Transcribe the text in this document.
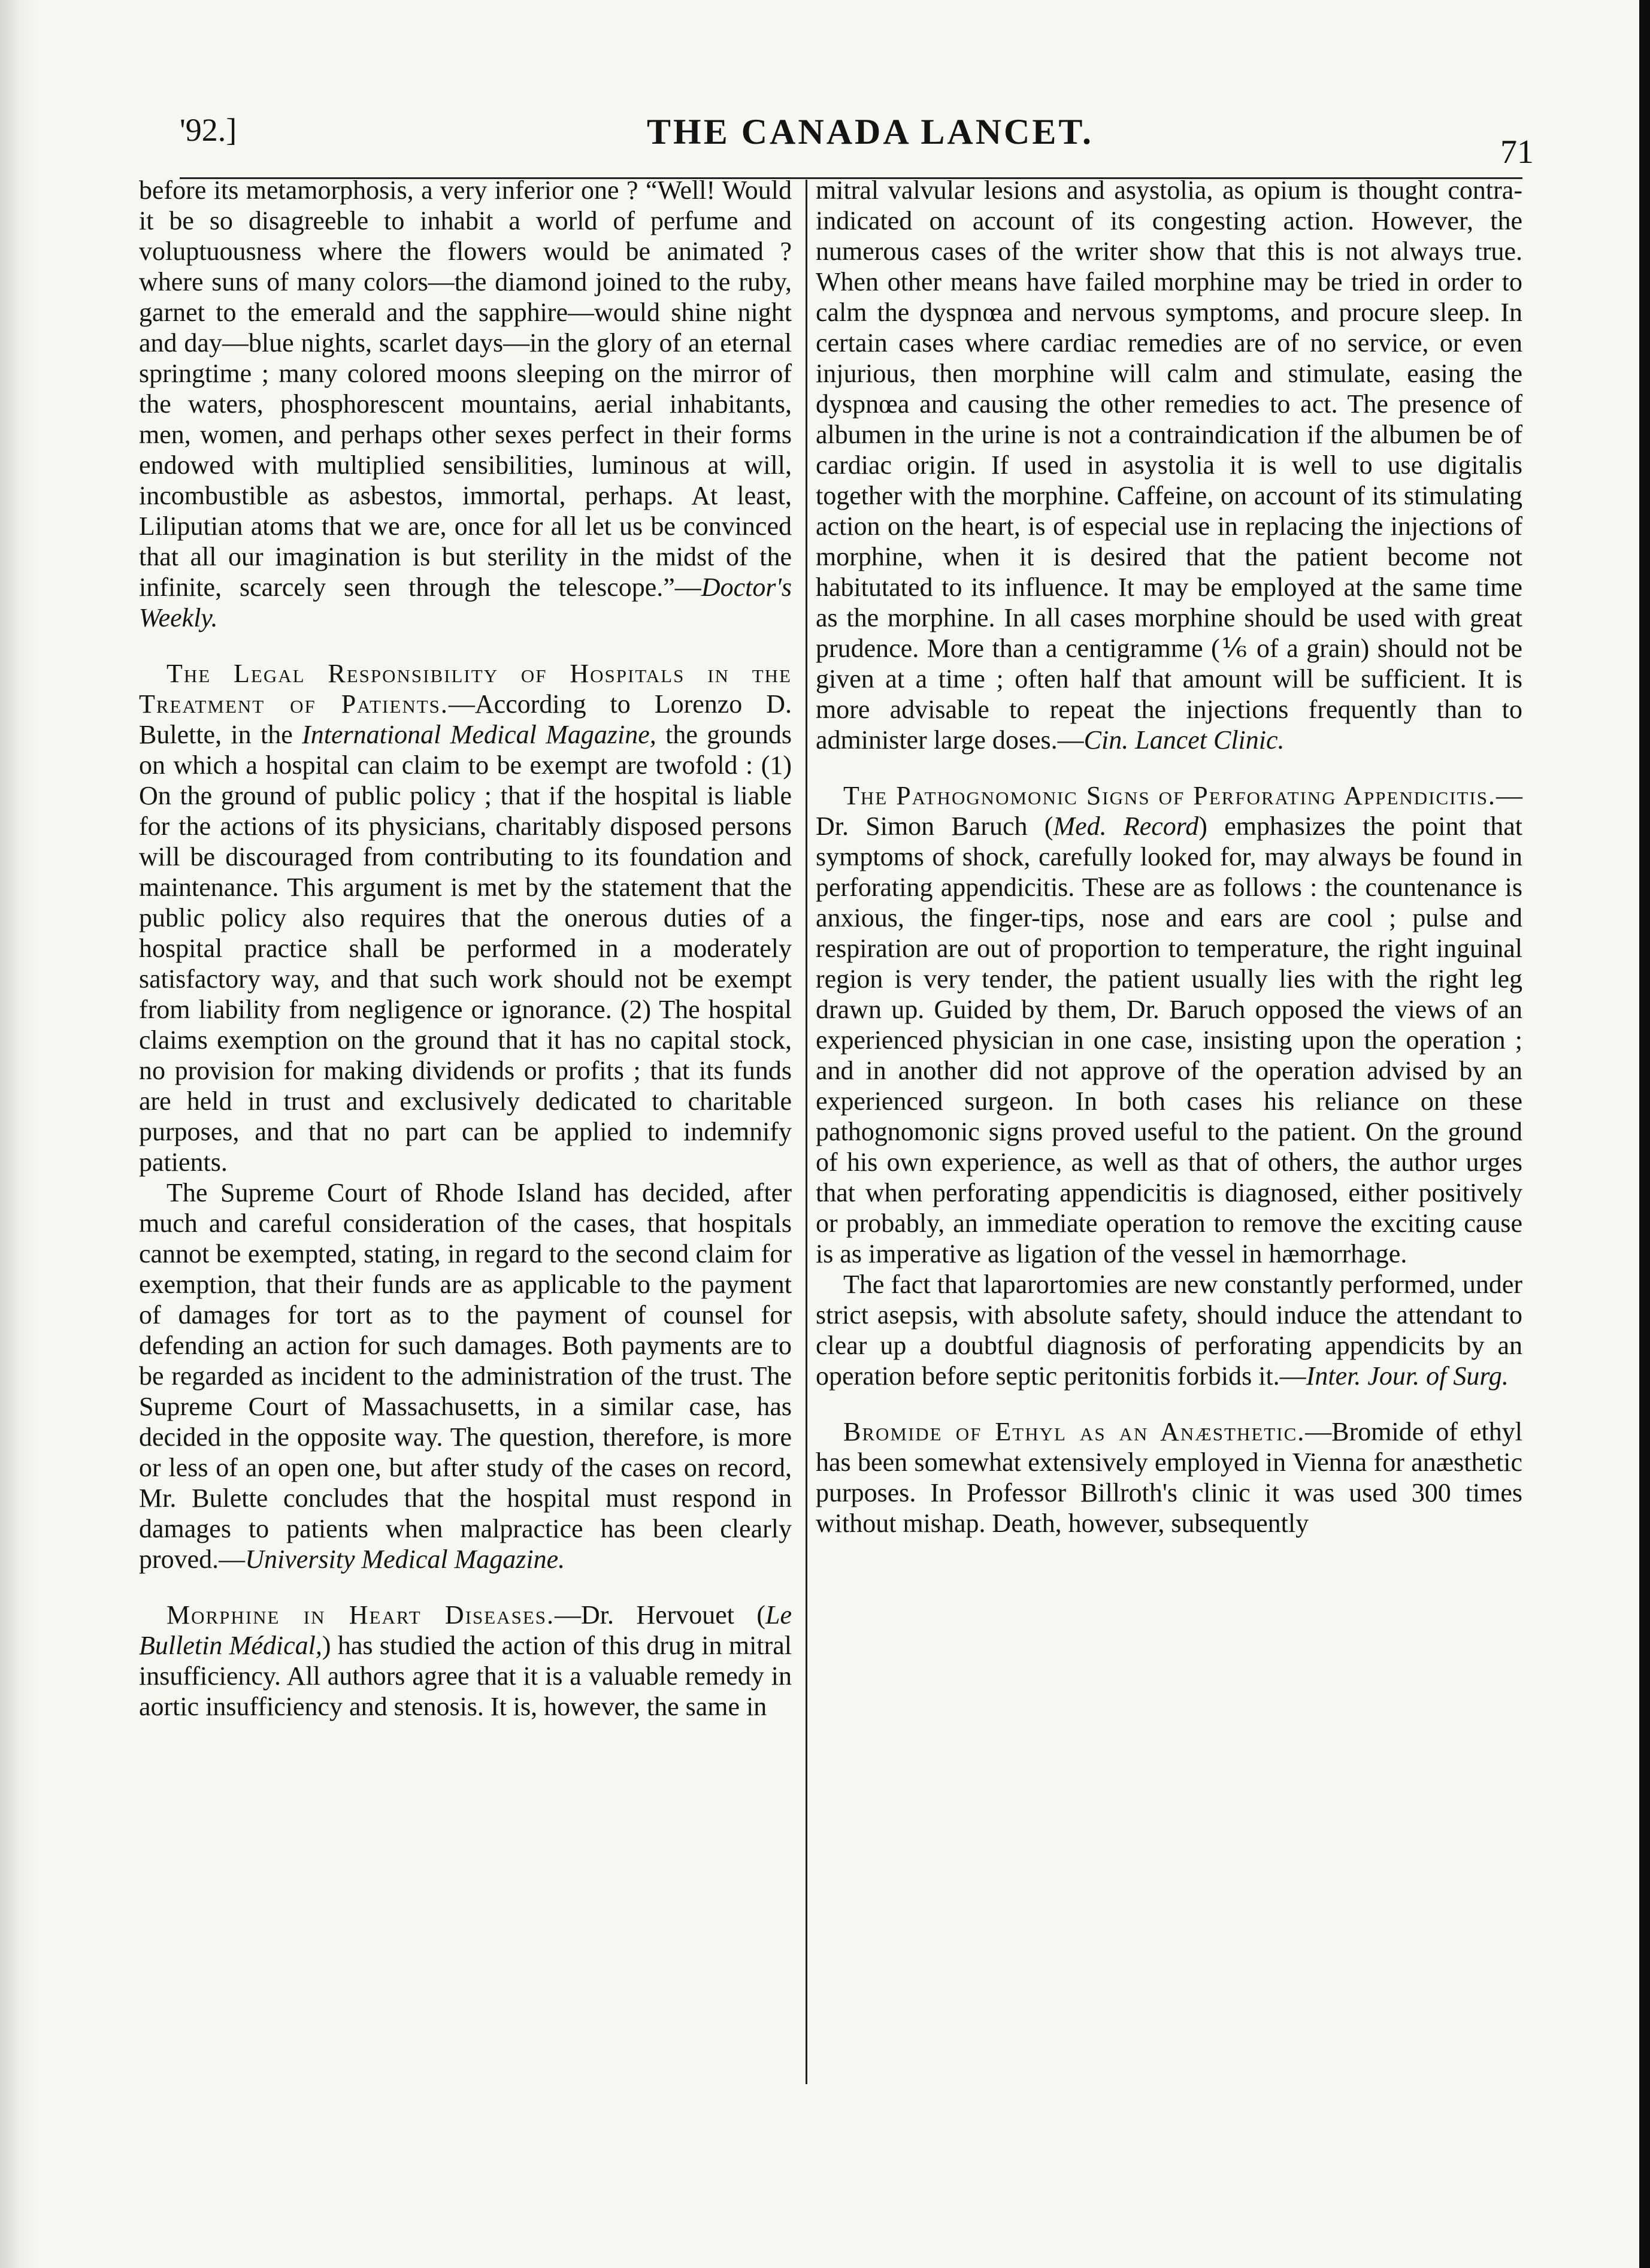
'92.]	THE CANADA LANCET.
71

before its metamorphosis, a very inferior one ? “Well! Would it be so disagreeble to inhabit a world of perfume and voluptuousness where the flowers would be animated ? where suns of many colors—the diamond joined to the ruby, garnet to the emerald and the sapphire—would shine night and day—blue nights, scarlet days—in the glory of an eternal springtime ; many colored moons sleeping on the mirror of the waters, phosphorescent mountains, aerial inhabitants, men, women, and perhaps other sexes perfect in their forms endowed with multiplied sensibilities, luminous at will, incombustible as asbestos, immortal, perhaps. At least, Liliputian atoms that we are, once for all let us be convinced that all our imagination is but sterility in the midst of the infinite, scarcely seen through the telescope.”—Doctor's Weekly.

The Legal Responsibility of Hospitals in the Treatment of Patients.—According to Lorenzo D. Bulette, in the International Medical Magazine, the grounds on which a hospital can claim to be exempt are twofold : (1) On the ground of public policy ; that if the hospital is liable for the actions of its physicians, charitably disposed persons will be discouraged from contributing to its foundation and maintenance. This argument is met by the statement that the public policy also requires that the onerous duties of a hospital practice shall be performed in a moderately satisfactory way, and that such work should not be exempt from liability from negligence or ignorance. (2) The hospital claims exemption on the ground that it has no capital stock, no provision for making dividends or profits ; that its funds are held in trust and exclusively dedicated to charitable purposes, and that no part can be applied to indemnify patients.

The Supreme Court of Rhode Island has decided, after much and careful consideration of the cases, that hospitals cannot be exempted, stating, in regard to the second claim for exemption, that their funds are as applicable to the payment of damages for tort as to the payment of counsel for defending an action for such damages. Both payments are to be regarded as incident to the administration of the trust. The Supreme Court of Massachusetts, in a similar case, has decided in the opposite way. The question, therefore, is more or less of an open one, but after study of the cases on record, Mr. Bulette concludes that the hospital must respond in damages to patients when malpractice has been clearly proved.—University Medical Magazine.

Morphine in Heart Diseases.—Dr. Hervouet (Le Bulletin Médical,) has studied the action of this drug in mitral insufficiency. All authors agree that it is a valuable remedy in aortic insufficiency and stenosis. It is, however, the same in

mitral valvular lesions and asystolia, as opium is thought contra-indicated on account of its congesting action. However, the numerous cases of the writer show that this is not always true. When other means have failed morphine may be tried in order to calm the dyspnœa and nervous symptoms, and procure sleep. In certain cases where cardiac remedies are of no service, or even injurious, then morphine will calm and stimulate, easing the dyspnœa and causing the other remedies to act. The presence of albumen in the urine is not a contraindication if the albumen be of cardiac origin. If used in asystolia it is well to use digitalis together with the morphine. Caffeine, on account of its stimulating action on the heart, is of especial use in replacing the injections of morphine, when it is desired that the patient become not habitutated to its influence. It may be employed at the same time as the morphine. In all cases morphine should be used with great prudence. More than a centigramme (⅙ of a grain) should not be given at a time ; often half that amount will be sufficient. It is more advisable to repeat the injections frequently than to administer large doses.—Cin. Lancet Clinic.

The Pathognomonic Signs of Perforating Appendicitis.—Dr. Simon Baruch (Med. Record) emphasizes the point that symptoms of shock, carefully looked for, may always be found in perforating appendicitis. These are as follows : the countenance is anxious, the finger-tips, nose and ears are cool ; pulse and respiration are out of proportion to temperature, the right inguinal region is very tender, the patient usually lies with the right leg drawn up. Guided by them, Dr. Baruch opposed the views of an experienced physician in one case, insisting upon the operation ; and in another did not approve of the operation advised by an experienced surgeon. In both cases his reliance on these pathognomonic signs proved useful to the patient. On the ground of his own experience, as well as that of others, the author urges that when perforating appendicitis is diagnosed, either positively or probably, an immediate operation to remove the exciting cause is as imperative as ligation of the vessel in hæmorrhage.

The fact that laparortomies are new constantly performed, under strict asepsis, with absolute safety, should induce the attendant to clear up a doubtful diagnosis of perforating appendicits by an operation before septic peritonitis forbids it.—Inter. Jour. of Surg.

Bromide of Ethyl as an Anæsthetic.—Bromide of ethyl has been somewhat extensively employed in Vienna for anæsthetic purposes. In Professor Billroth's clinic it was used 300 times without mishap. Death, however, subsequently
